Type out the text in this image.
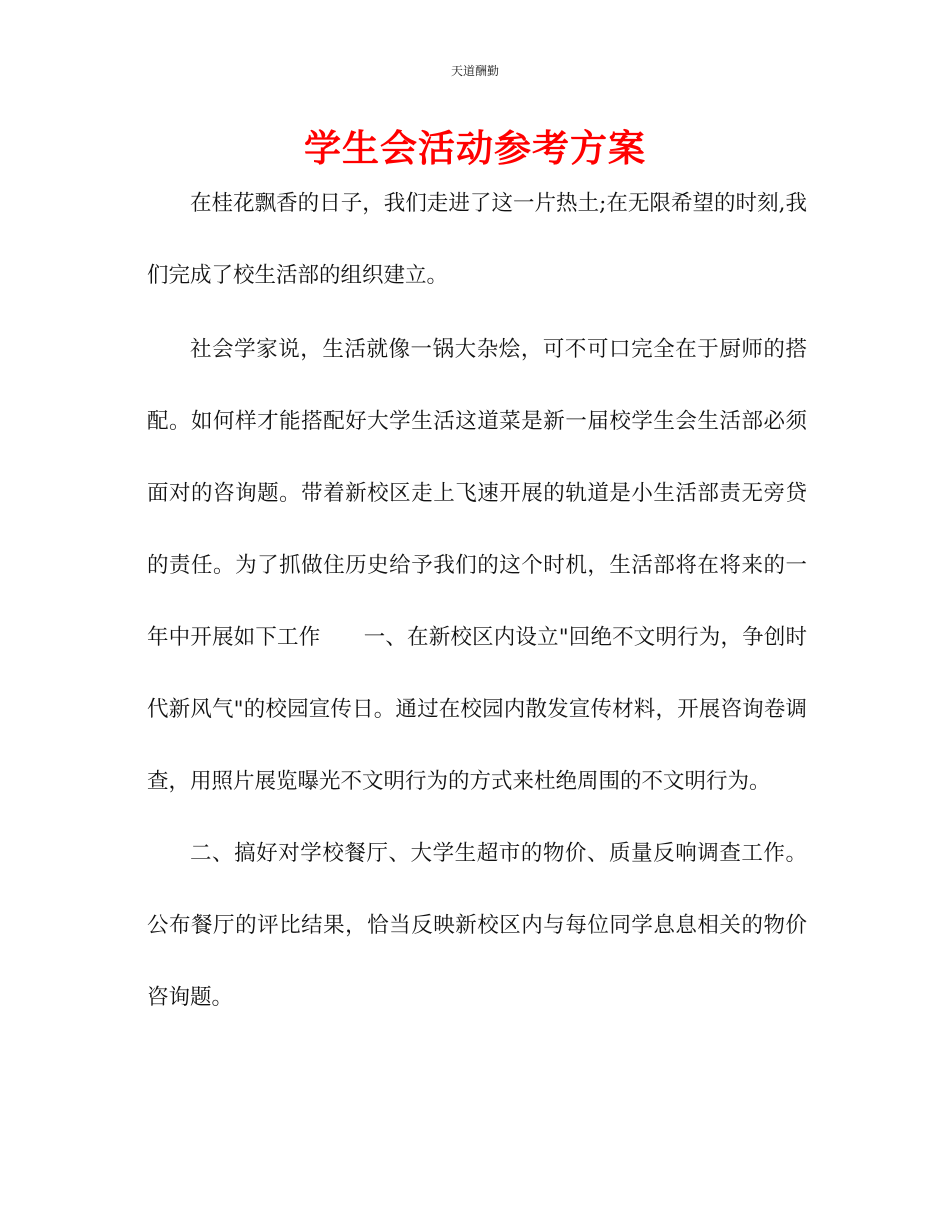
天道酬勤
学生会活动参考方案

在桂花飘香的日子，我们走进了这一片热土;在无限希望的时刻,我们完成了校生活部的组织建立。

社会学家说，生活就像一锅大杂烩，可不可口完全在于厨师的搭配。如何样才能搭配好大学生活这道菜是新一届校学生会生活部必须面对的咨询题。带着新校区走上飞速开展的轨道是小生活部责无旁贷的责任。为了抓做住历史给予我们的这个时机，生活部将在将来的一年中开展如下工作　　一、在新校区内设立"回绝不文明行为，争创时代新风气"的校园宣传日。通过在校园内散发宣传材料，开展咨询卷调查，用照片展览曝光不文明行为的方式来杜绝周围的不文明行为。

二、搞好对学校餐厅、大学生超市的物价、质量反响调查工作。公布餐厅的评比结果，恰当反映新校区内与每位同学息息相关的物价咨询题。
